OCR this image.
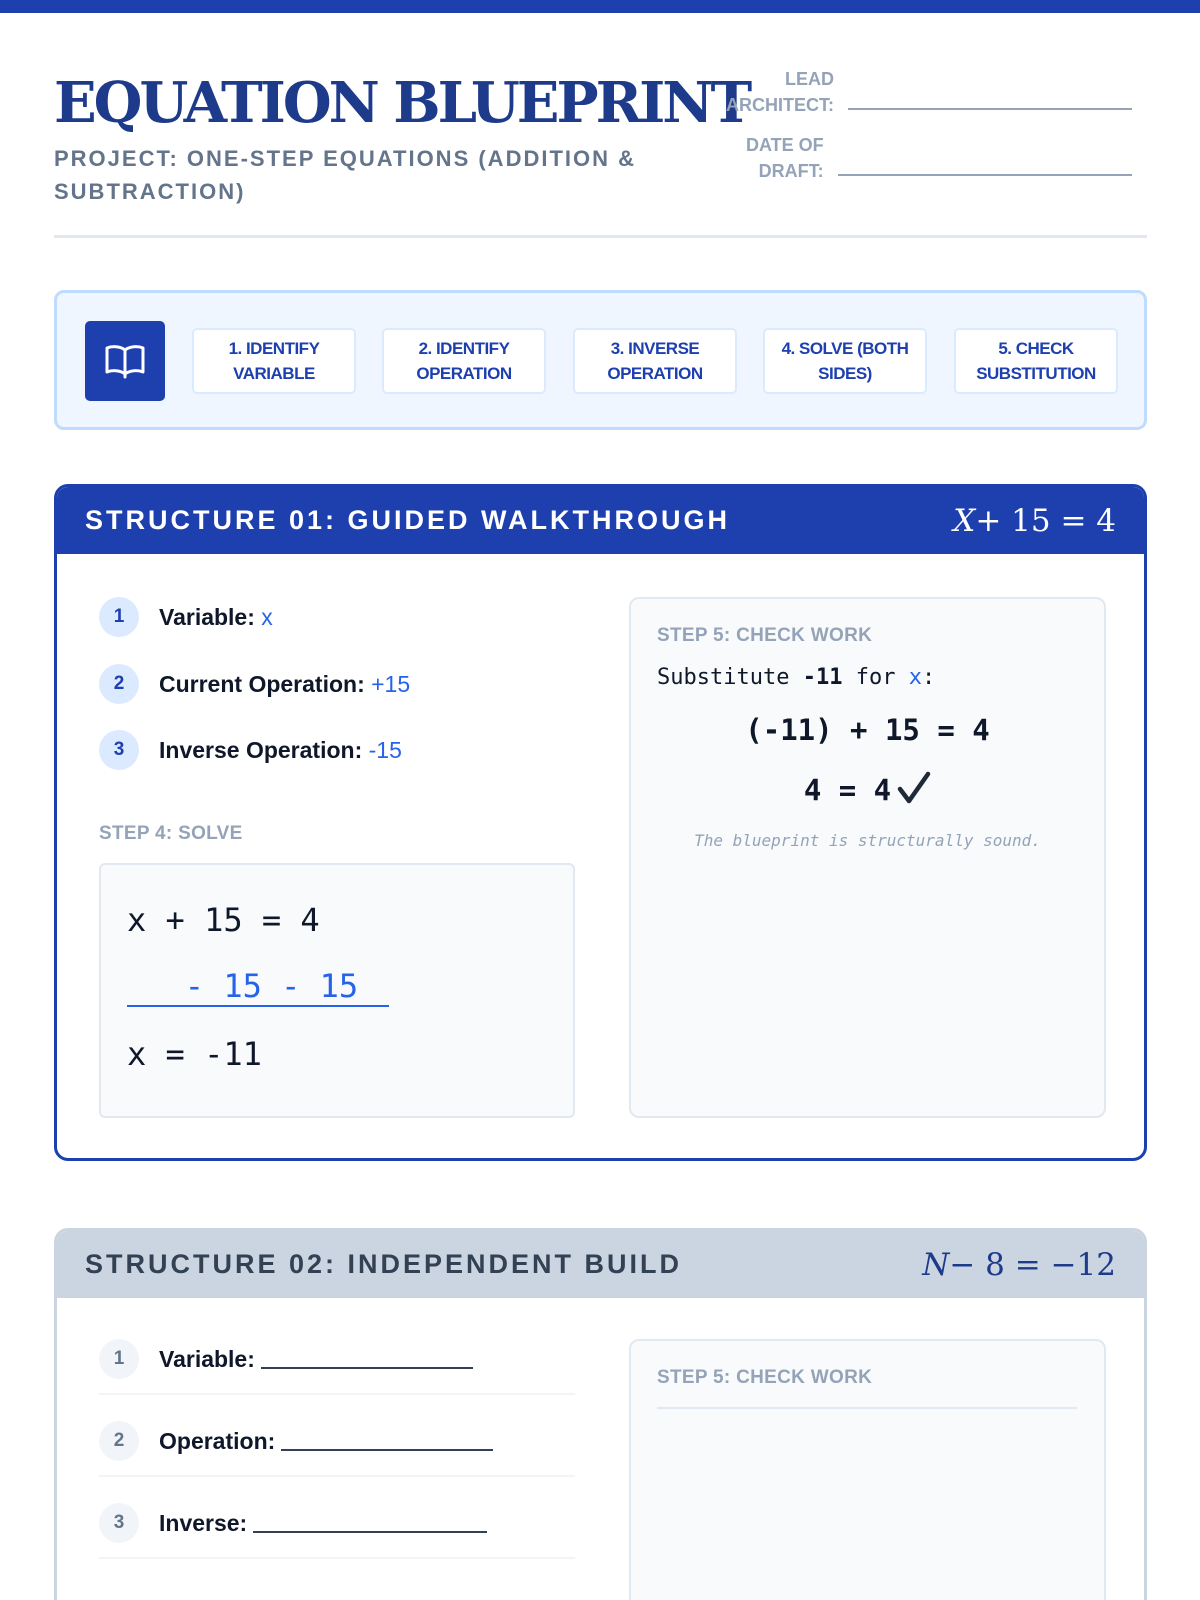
EQUATION BLUEPRINT
PROJECT: ONE-STEP EQUATIONS (ADDITION & SUBTRACTION)
LEAD
ARCHITECT:
DATE OF
DRAFT:
1. IDENTIFY VARIABLE
2. IDENTIFY OPERATION
3. INVERSE OPERATION
4. SOLVE (BOTH SIDES)
5. CHECK SUBSTITUTION
STRUCTURE 01: GUIDED WALKTHROUGH	X+ 15 = 4
1	Variable: x
2	Current Operation: +15
3	Inverse Operation: -15
STEP 4: SOLVE
x + 15 = 4
- 15 - 15
x = -11
STEP 5: CHECK WORK
Substitute -11 for x:
(-11) + 15 = 4
4 = 4
The blueprint is structurally sound.
STRUCTURE 02: INDEPENDENT BUILD	N− 8 = −12
1	Variable:
2	Operation:
3	Inverse:
STEP 5: CHECK WORK
